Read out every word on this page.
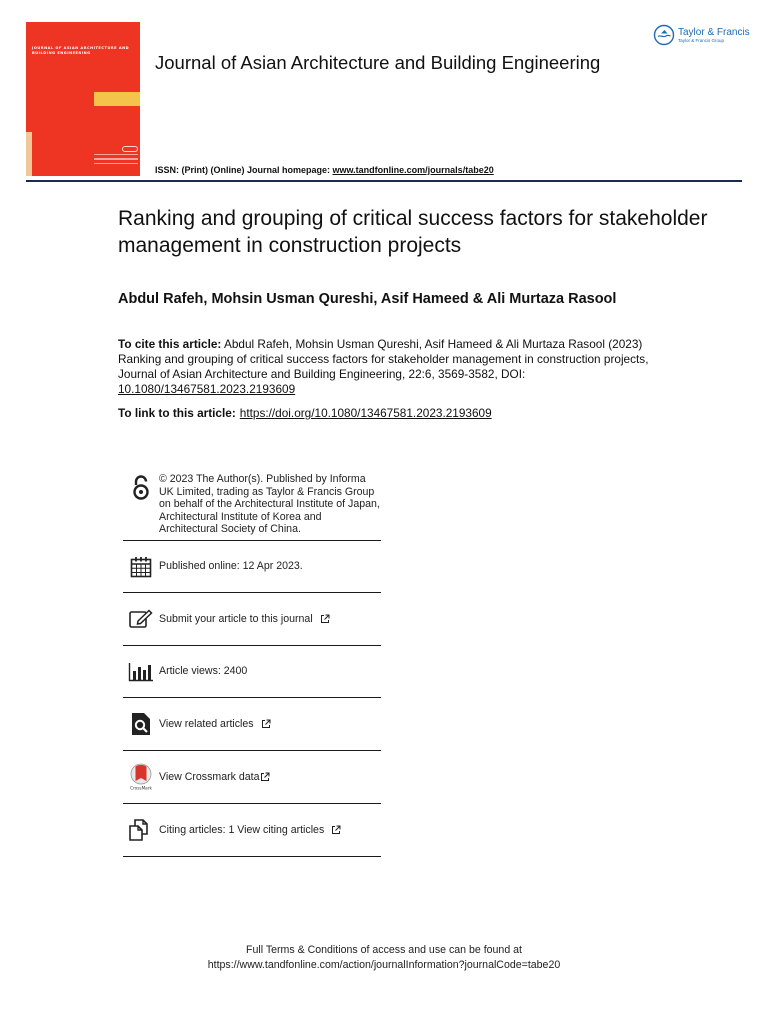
JOURNAL OF ASIAN ARCHITECTURE AND BUILDING ENGINEERING	Journal of Asian Architecture and Building Engineering
Taylor & Francis
Taylor & Francis Group
ISSN: (Print) (Online) Journal homepage: www.tandfonline.com/journals/tabe20
Ranking and grouping of critical success factors for stakeholder management in construction projects
Abdul Rafeh, Mohsin Usman Qureshi, Asif Hameed & Ali Murtaza Rasool
To cite this article: Abdul Rafeh, Mohsin Usman Qureshi, Asif Hameed & Ali Murtaza Rasool (2023) Ranking and grouping of critical success factors for stakeholder management in construction projects, Journal of Asian Architecture and Building Engineering, 22:6, 3569-3582, DOI: 10.1080/13467581.2023.2193609
To link to this article: https://doi.org/10.1080/13467581.2023.2193609
© 2023 The Author(s). Published by Informa UK Limited, trading as Taylor & Francis Group on behalf of the Architectural Institute of Japan, Architectural Institute of Korea and Architectural Society of China.
Published online: 12 Apr 2023.
Submit your article to this journal
Article views: 2400
View related articles
CrossMark
View Crossmark data
Citing articles: 1 View citing articles
Full Terms & Conditions of access and use can be found at
https://www.tandfonline.com/action/journalInformation?journalCode=tabe20
